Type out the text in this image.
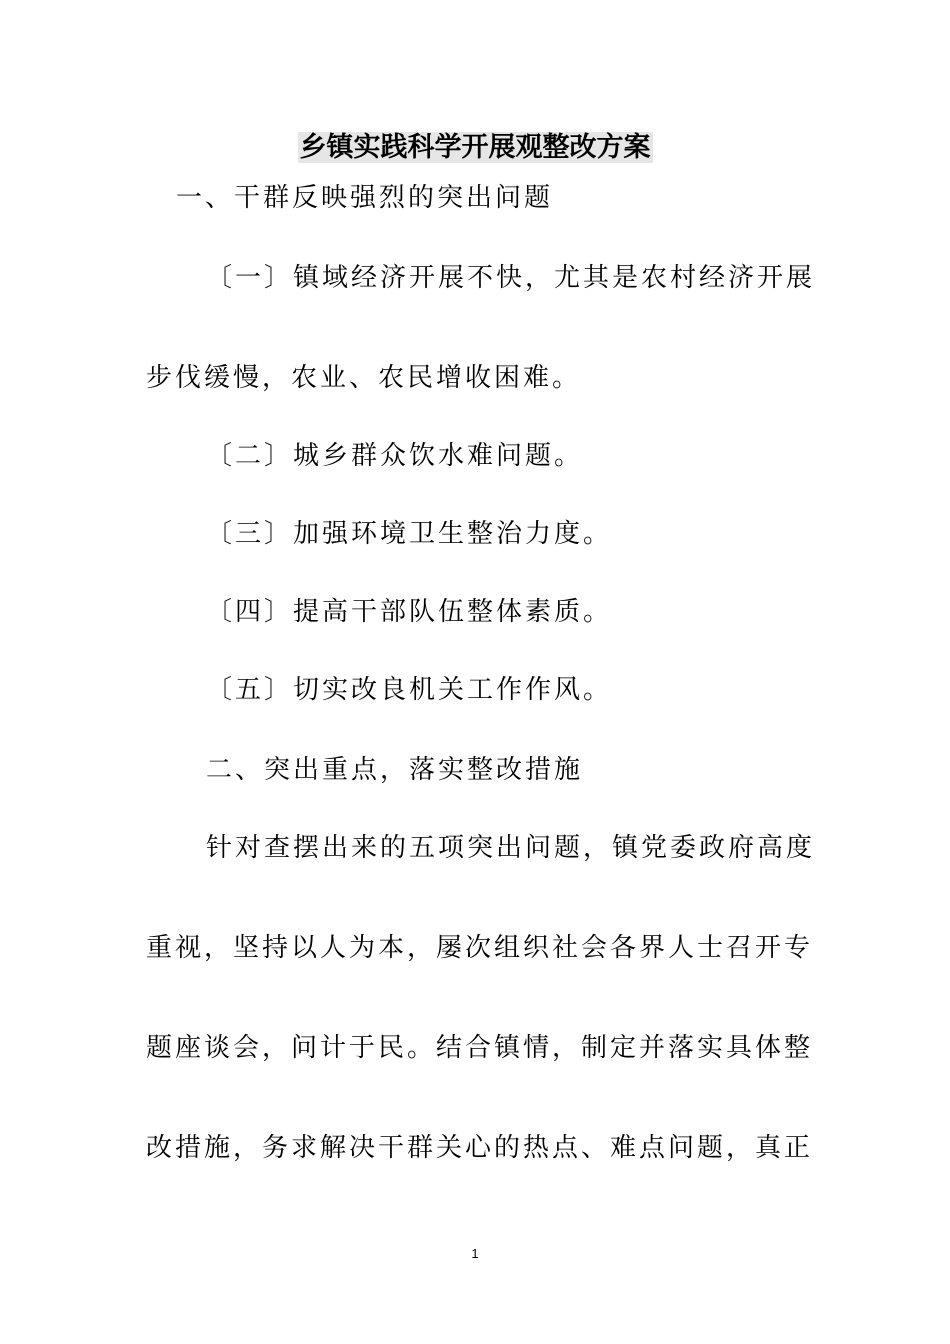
乡镇实践科学开展观整改方案
一、干群反映强烈的突出问题
〔一〕镇域经济开展不快，尤其是农村经济开展
步伐缓慢，农业、农民增收困难。
〔二〕城乡群众饮水难问题。
〔三〕加强环境卫生整治力度。
〔四〕提高干部队伍整体素质。
〔五〕切实改良机关工作作风。
二、突出重点，落实整改措施
针对查摆出来的五项突出问题，镇党委政府高度
重视，坚持以人为本，屡次组织社会各界人士召开专
题座谈会，问计于民。结合镇情，制定并落实具体整
改措施，务求解决干群关心的热点、难点问题，真正
1
